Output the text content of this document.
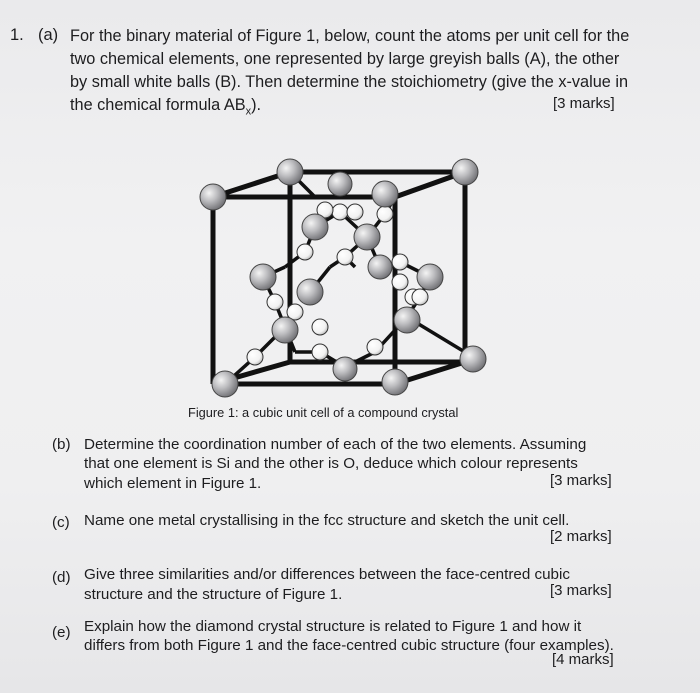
1. (a) For the binary material of Figure 1, below, count the atoms per unit cell for the
two chemical elements, one represented by large greyish balls (A), the other
by small white balls (B). Then determine the stoichiometry (give the x-value in
the chemical formula $AB_x$).	[3 marks]
Figure 1: a cubic unit cell of a compound crystal
(b) Determine the coordination number of each of the two elements. Assuming
that one element is Si and the other is O, deduce which colour represents
which element in Figure 1.	[3 marks]
(c) Name one metal crystallising in the fcc structure and sketch the unit cell.
[2 marks]
(d) Give three similarities and/or differences between the face-centred cubic
structure and the structure of Figure 1.	[3 marks]
(e) Explain how the diamond crystal structure is related to Figure 1 and how it
differs from both Figure 1 and the face-centred cubic structure (four examples).
[4 marks]
